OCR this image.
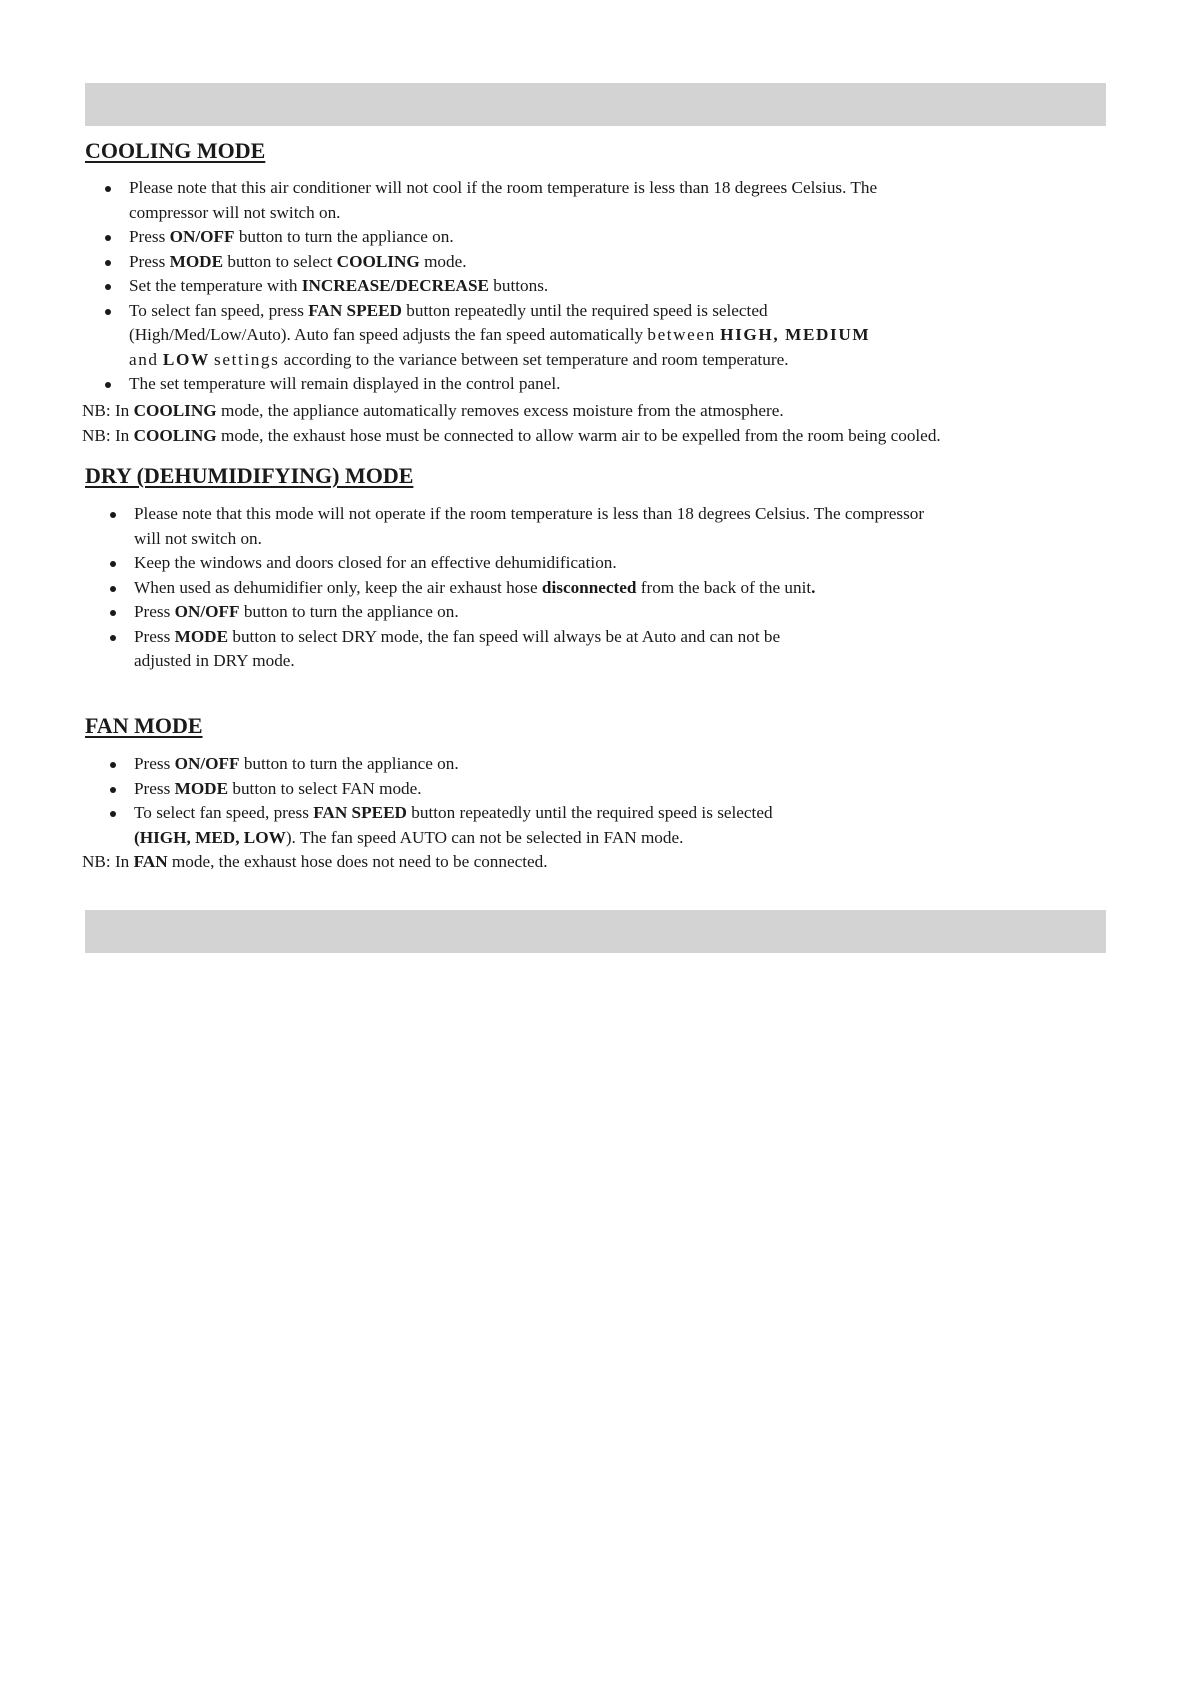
COOLING MODE
Please note that this air conditioner will not cool if the room temperature is less than 18 degrees Celsius. The
compressor will not switch on.
Press ON/OFF button to turn the appliance on.
Press MODE button to select COOLING mode.
Set the temperature with INCREASE/DECREASE buttons.
To select fan speed, press FAN SPEED button repeatedly until the required speed is selected
(High/Med/Low/Auto). Auto fan speed adjusts the fan speed automatically between HIGH, MEDIUM
and LOW settings according to the variance between set temperature and room temperature.
The set temperature will remain displayed in the control panel.

NB: In COOLING mode, the appliance automatically removes excess moisture from the atmosphere.

NB: In COOLING mode, the exhaust hose must be connected to allow warm air to be expelled from the room being cooled.

DRY (DEHUMIDIFYING) MODE
Please note that this mode will not operate if the room temperature is less than 18 degrees Celsius. The compressor
will not switch on.
Keep the windows and doors closed for an effective dehumidification.
When used as dehumidifier only, keep the air exhaust hose disconnected from the back of the unit.
Press ON/OFF button to turn the appliance on.
Press MODE button to select DRY mode, the fan speed will always be at Auto and can not be
adjusted in DRY mode.
FAN MODE
Press ON/OFF button to turn the appliance on.
Press MODE button to select FAN mode.
To select fan speed, press FAN SPEED button repeatedly until the required speed is selected
(HIGH, MED, LOW). The fan speed AUTO can not be selected in FAN mode.

NB: In FAN mode, the exhaust hose does not need to be connected.
